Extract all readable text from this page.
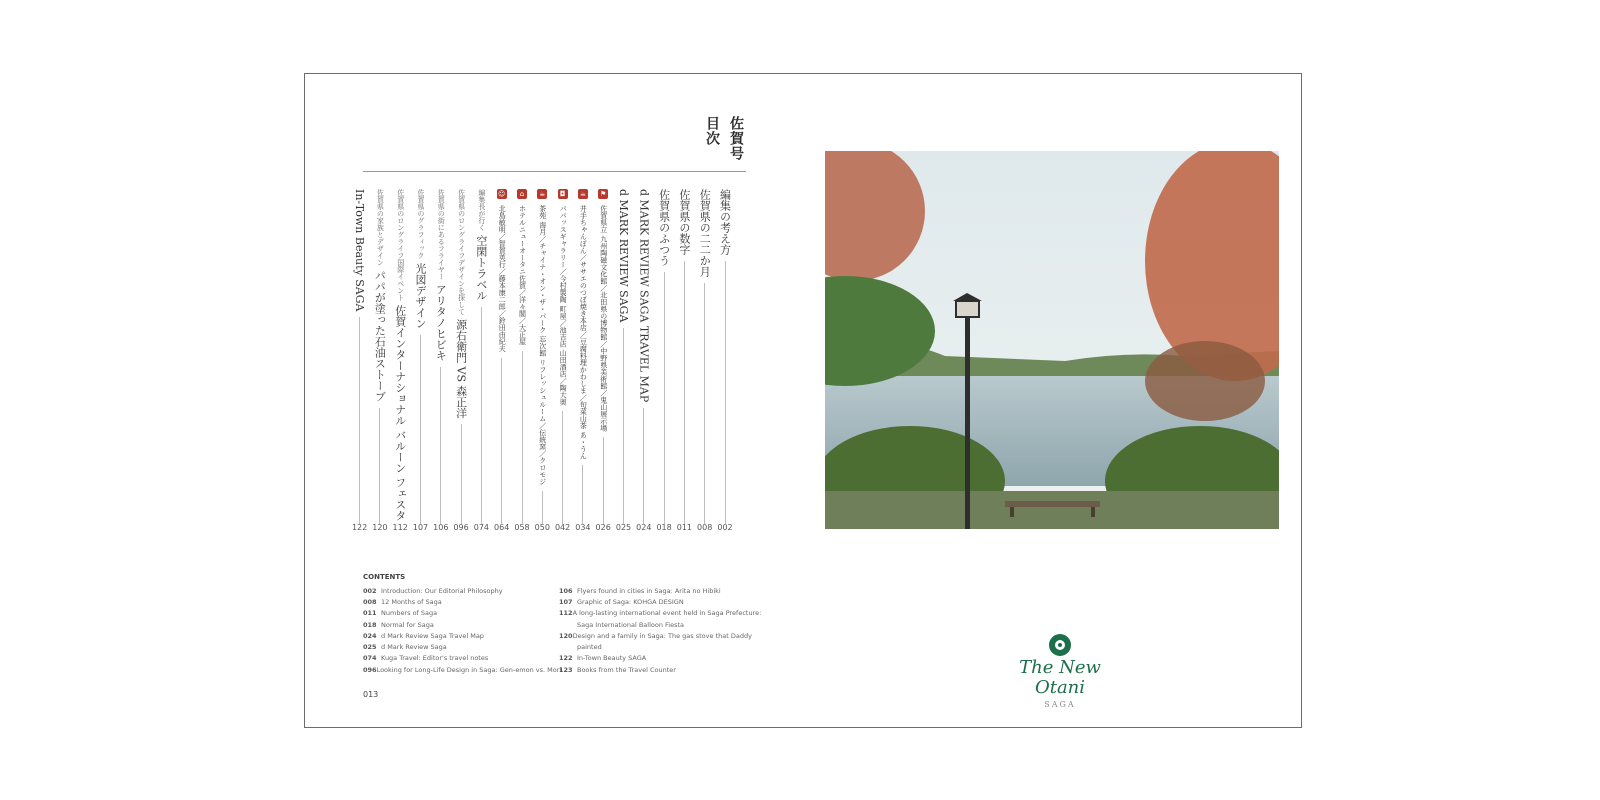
佐賀号
目次
編集の考え方
002
佐賀県の二二か月
008
佐賀県の数字
011
佐賀県のふつう
018
d MARK REVIEW SAGA TRAVEL MAP
024
d MARK REVIEW SAGA
025
⚑
佐賀県立 九州陶磁文化館／北田県の博物館／中野県美術館／鬼山展示場
026
☕
井手ちゃんぽん／ササエのつぼ焼き本店／豆腐料理かわしま／旬菜山茶 あ・うん
034
◘
パパッスギャラリー／今村製陶 町屋／池吉店 山田酒店／陶大奥
042
☕
茶苑 海月／チャイナ・オン・ザ・パーク 忘次館 リフレッシュルーム／伝統窯／クロモジ
050
⌂
ホテルニューオータニ佐賀／洋々閣／大正屋
058
☺
北島敏明／智賀英行／藤本康二郎／鈴田由紀夫
064
編集長が行く
空閑トラベル
074
佐賀県のロングライフデザインを探して
源右衛門 VS 森正洋
096
佐賀県の街にあるフライヤー
アリタノヒビキ
106
佐賀県のグラフィック
光図デザイン
107
佐賀県のロングライフ国際イベント
佐賀インターナショナル バルーン フェスタ
112
佐賀県の家族とデザイン
パパが塗った石油ストーブ
120
In-Town Beauty SAGA
122
CONTENTS
002 Introduction: Our Editorial Philosophy
008 12 Months of Saga
011 Numbers of Saga
018 Normal for Saga
024 d Mark Review Saga Travel Map
025 d Mark Review Saga
074 Kuga Travel: Editor's travel notes
096 Looking for Long-Life Design in Saga: Gen-emon vs. Mori
106 Flyers found in cities in Saga: Arita no Hibiki
107 Graphic of Saga: KOHGA DESIGN
112 A long-lasting international event held in Saga Prefecture:
Saga International Balloon Fiesta
120 Design and a family in Saga: The gas stove that Daddy
painted
122 In-Town Beauty SAGA
123 Books from the Travel Counter
013
The New Otani
SAGA
